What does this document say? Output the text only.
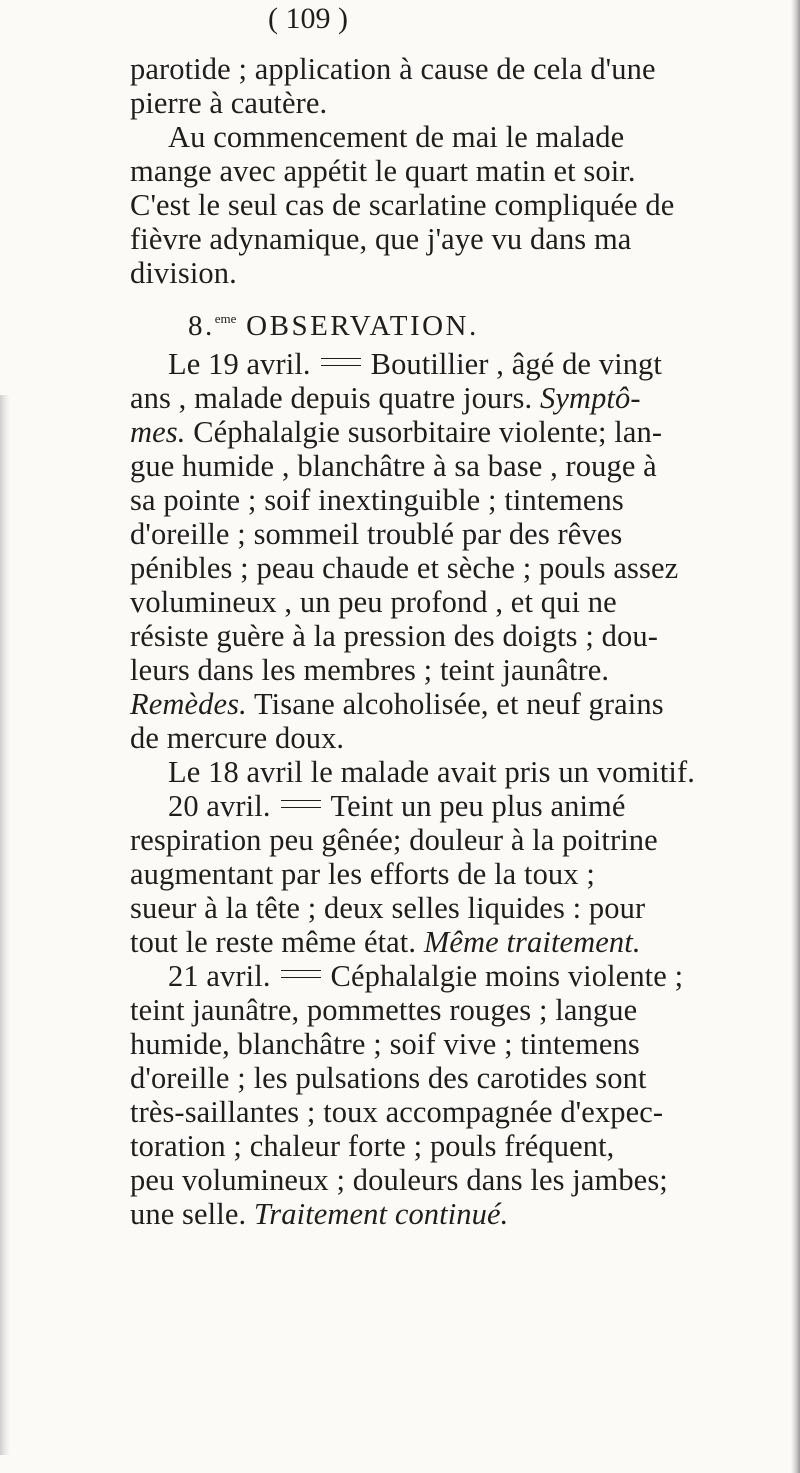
( 109 )
parotide ; application à cause de cela d'une
pierre à cautère.
Au commencement de mai le malade
mange avec appétit le quart matin et soir.
C'est le seul cas de scarlatine compliquée de
fièvre adynamique, que j'aye vu dans ma
division.
8.$^{eme}$ OBSERVATION.
Le 19 avril. Boutillier , âgé de vingt
ans , malade depuis quatre jours. Symptô-
mes. Céphalalgie susorbitaire violente; lan-
gue humide , blanchâtre à sa base , rouge à
sa pointe ; soif inextinguible ; tintemens
d'oreille ; sommeil troublé par des rêves
pénibles ; peau chaude et sèche ; pouls assez
volumineux , un peu profond , et qui ne
résiste guère à la pression des doigts ; dou-
leurs dans les membres ; teint jaunâtre.
Remèdes. Tisane alcoholisée, et neuf grains
de mercure doux.
Le 18 avril le malade avait pris un vomitif.
20 avril. Teint un peu plus animé
respiration peu gênée; douleur à la poitrine
augmentant par les efforts de la toux ;
sueur à la tête ; deux selles liquides : pour
tout le reste même état. Même traitement.
21 avril. Céphalalgie moins violente ;
teint jaunâtre, pommettes rouges ; langue
humide, blanchâtre ; soif vive ; tintemens
d'oreille ; les pulsations des carotides sont
très-saillantes ; toux accompagnée d'expec-
toration ; chaleur forte ; pouls fréquent,
peu volumineux ; douleurs dans les jambes;
une selle. Traitement continué.
